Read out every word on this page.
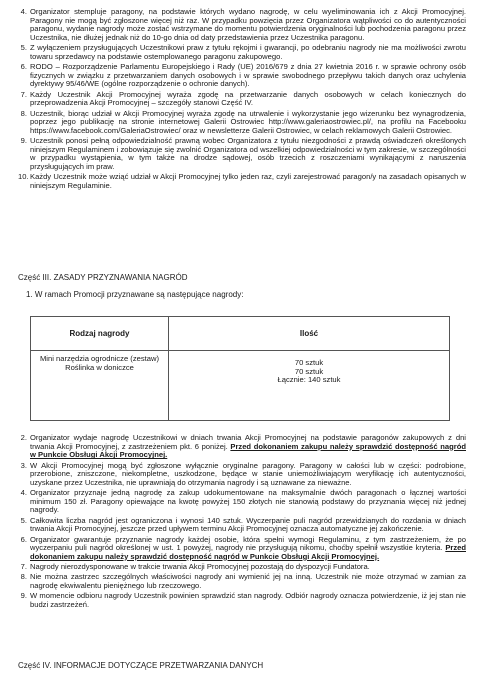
4. Organizator stempluje paragony, na podstawie których wydano nagrodę, w celu wyeliminowania ich z Akcji Promocyjnej. Paragony nie mogą być zgłoszone więcej niż raz. W przypadku powzięcia przez Organizatora wątpliwości co do autentyczności paragonu, wydanie nagrody może zostać wstrzymane do momentu potwierdzenia oryginalności lub pochodzenia paragonu przez Uczestnika, nie dłużej jednak niż do 10-go dnia od daty przedstawienia przez Uczestnika paragonu.
5. Z wyłączeniem przysługujących Uczestnikowi praw z tytułu rękojmi i gwarancji, po odebraniu nagrody nie ma możliwości zwrotu towaru sprzedawcy na podstawie ostemplowanego paragonu zakupowego.
6. RODO – Rozporządzenie Parlamentu Europejskiego i Rady (UE) 2016/679 z dnia 27 kwietnia 2016 r. w sprawie ochrony osób fizycznych w związku z przetwarzaniem danych osobowych i w sprawie swobodnego przepływu takich danych oraz uchylenia dyrektywy 95/46/WE (ogólne rozporządzenie o ochronie danych).
7. Każdy Uczestnik Akcji Promocyjnej wyraża zgodę na przetwarzanie danych osobowych w celach koniecznych do przeprowadzenia Akcji Promocyjnej – szczegóły stanowi Część IV.
8. Uczestnik, biorąc udział w Akcji Promocyjnej wyraża zgodę na utrwalenie i wykorzystanie jego wizerunku bez wynagrodzenia, poprzez jego publikację na stronie internetowej Galerii Ostrowiec http://www.galeriaostrowiec.pl/, na profilu na Facebooku https://www.facebook.com/GaleriaOstrowiec/ oraz w newsletterze Galerii Ostrowiec, w celach reklamowych Galerii Ostrowiec.
9. Uczestnik ponosi pełną odpowiedzialność prawną wobec Organizatora z tytułu niezgodności z prawdą oświadczeń określonych niniejszym Regulaminem i zobowiązuje się zwolnić Organizatora od wszelkiej odpowiedzialności w tym zakresie, w szczególności w przypadku wystąpienia, w tym także na drodze sądowej, osób trzecich z roszczeniami wynikającymi z naruszenia przysługujących im praw.
10. Każdy Uczestnik może wziąć udział w Akcji Promocyjnej tylko jeden raz, czyli zarejestrować paragon/y na zasadach opisanych w niniejszym Regulaminie.
Część III. ZASADY PRZYZNAWANIA NAGRÓD
1. W ramach Promocji przyznawane są następujące nagrody:
Rodzaj nagrody	Ilość

Mini narzędzia ogrodnicze (zestaw)
Roślinka w doniczce	70 sztuk
70 sztuk
Łącznie: 140 sztuk
2. Organizator wydaje nagrodę Uczestnikowi w dniach trwania Akcji Promocyjnej na podstawie paragonów zakupowych z dni trwania Akcji Promocyjnej, z zastrzeżeniem pkt. 6 poniżej. Przed dokonaniem zakupu należy sprawdzić dostępność nagród w Punkcie Obsługi Akcji Promocyjnej.
3. W Akcji Promocyjnej mogą być zgłoszone wyłącznie oryginalne paragony. Paragony w całości lub w części: podrobione, przerobione, zniszczone, niekompletne, uszkodzone, będące w stanie uniemożliwiającym weryfikację ich autentyczności, uzyskane przez Uczestnika, nie uprawniają do otrzymania nagrody i są uznawane za nieważne.
4. Organizator przyznaje jedną nagrodę za zakup udokumentowane na maksymalnie dwóch paragonach o łącznej wartości minimum 150 zł. Paragony opiewające na kwotę powyżej 150 złotych nie stanowią podstawy do przyznania więcej niż jednej nagrody.
5. Całkowita liczba nagród jest ograniczona i wynosi 140 sztuk. Wyczerpanie puli nagród przewidzianych do rozdania w dniach trwania Akcji Promocyjnej, jeszcze przed upływem terminu Akcji Promocyjnej oznacza automatyczne jej zakończenie.
6. Organizator gwarantuje przyznanie nagrody każdej osobie, która spełni wymogi Regulaminu, z tym zastrzeżeniem, że po wyczerpaniu puli nagród określonej w ust. 1 powyżej, nagrody nie przysługują nikomu, choćby spełnił wszystkie kryteria. Przed dokonaniem zakupu należy sprawdzić dostępność nagród w Punkcie Obsługi Akcji Promocyjnej.
7. Nagrody nierozdysponowane w trakcie trwania Akcji Promocyjnej pozostają do dyspozycji Fundatora.
8. Nie można zastrzec szczególnych właściwości nagrody ani wymienić jej na inną. Uczestnik nie może otrzymać w zamian za nagrodę ekwiwalentu pieniężnego lub rzeczowego.
9. W momencie odbioru nagrody Uczestnik powinien sprawdzić stan nagrody. Odbiór nagrody oznacza potwierdzenie, iż jej stan nie budzi zastrzeżeń.
Część IV. INFORMACJE DOTYCZĄCE PRZETWARZANIA DANYCH
